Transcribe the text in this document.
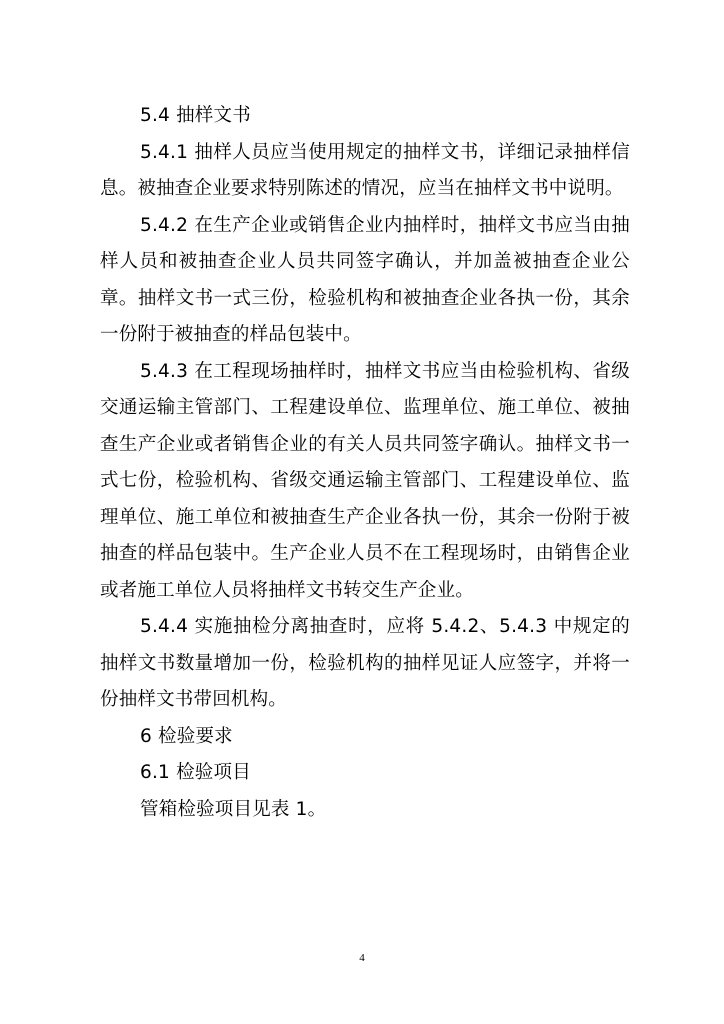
5.4 抽样文书

5.4.1 抽样人员应当使用规定的抽样文书，详细记录抽样信息。被抽查企业要求特别陈述的情况，应当在抽样文书中说明。

5.4.2 在生产企业或销售企业内抽样时，抽样文书应当由抽样人员和被抽查企业人员共同签字确认，并加盖被抽查企业公章。抽样文书一式三份，检验机构和被抽查企业各执一份，其余一份附于被抽查的样品包装中。

5.4.3 在工程现场抽样时，抽样文书应当由检验机构、省级交通运输主管部门、工程建设单位、监理单位、施工单位、被抽查生产企业或者销售企业的有关人员共同签字确认。抽样文书一式七份，检验机构、省级交通运输主管部门、工程建设单位、监理单位、施工单位和被抽查生产企业各执一份，其余一份附于被抽查的样品包装中。生产企业人员不在工程现场时，由销售企业或者施工单位人员将抽样文书转交生产企业。

5.4.4 实施抽检分离抽查时，应将 5.4.2、5.4.3 中规定的抽样文书数量增加一份，检验机构的抽样见证人应签字，并将一份抽样文书带回机构。

6 检验要求

6.1 检验项目

管箱检验项目见表 1。

4
